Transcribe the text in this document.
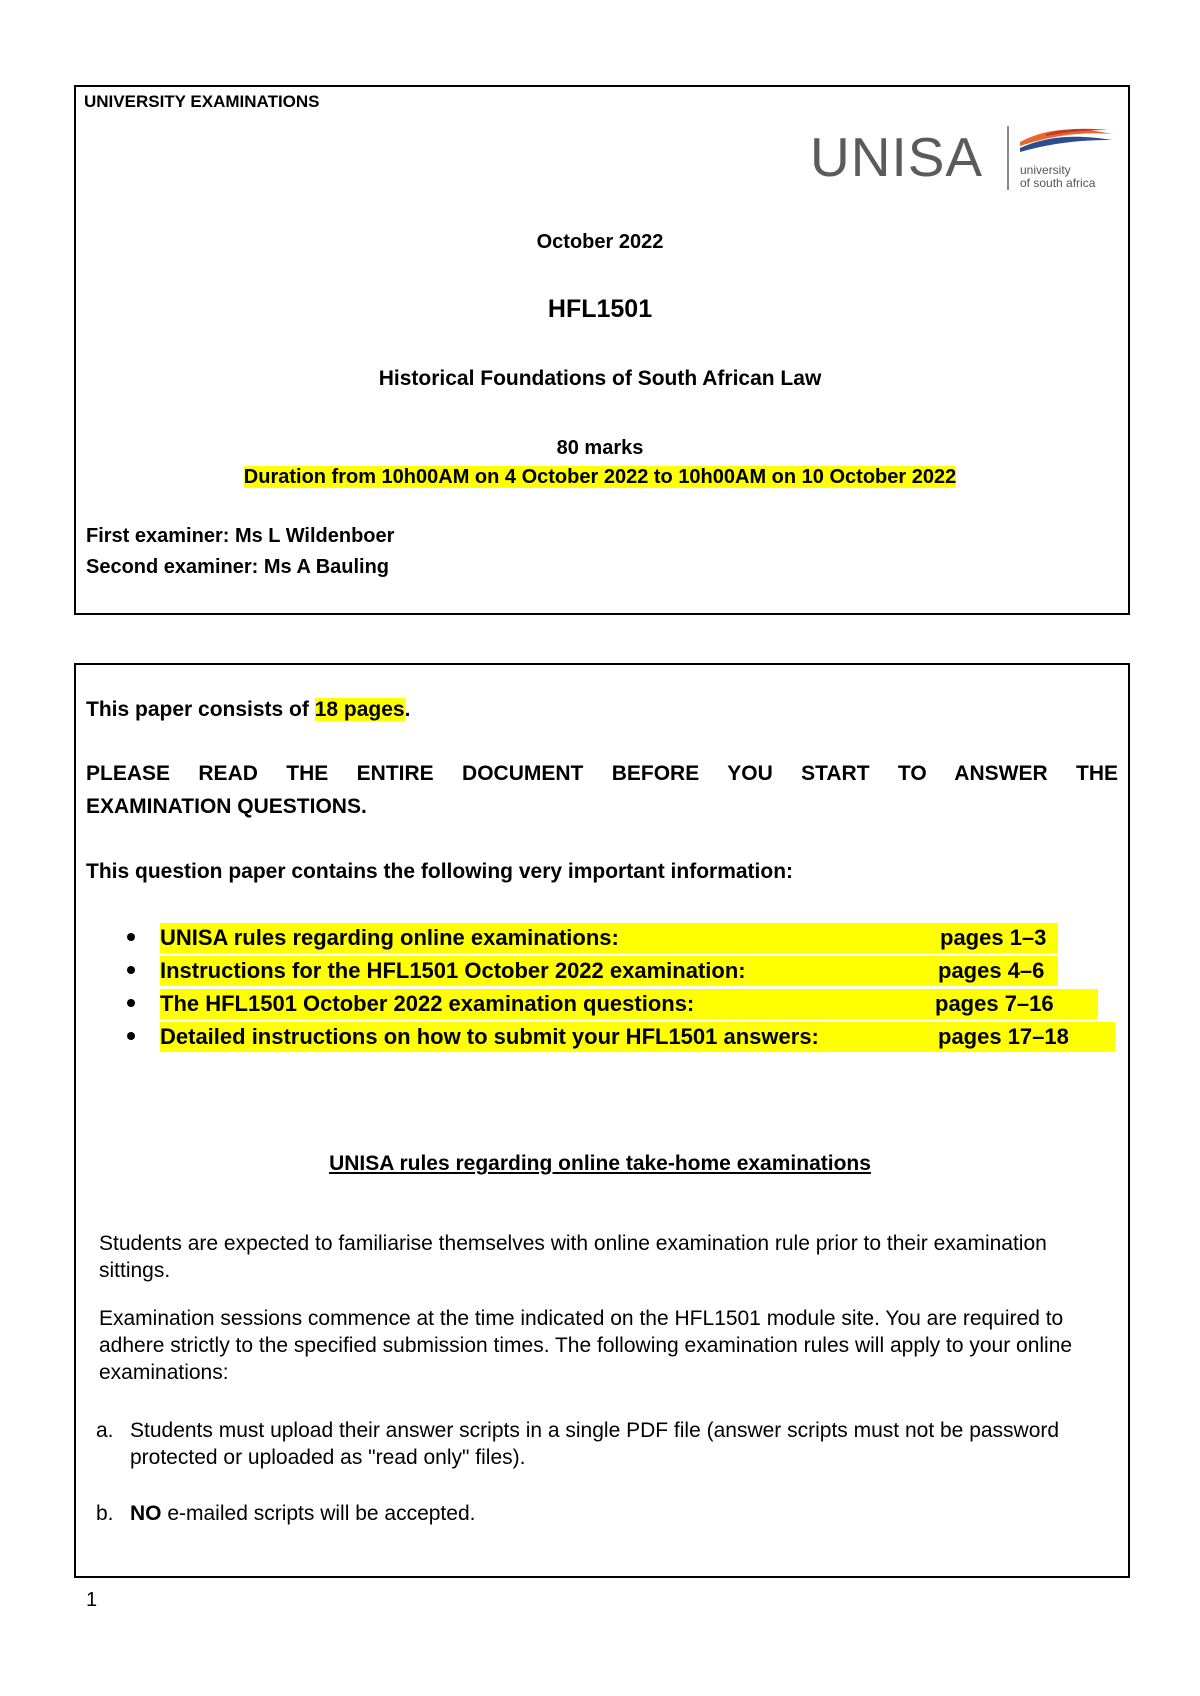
UNIVERSITY EXAMINATIONS
UNISA	university
of south africa
October 2022
HFL1501
Historical Foundations of South African Law
80 marks
Duration from 10h00AM on 4 October 2022 to 10h00AM on 10 October 2022
First examiner: Ms L Wildenboer
Second examiner: Ms A Bauling
This paper consists of 18 pages.
PLEASE READ THE ENTIRE DOCUMENT BEFORE YOU START TO ANSWER THE
EXAMINATION QUESTIONS.
This question paper contains the following very important information:
UNISA rules regarding online examinations:	pages 1–3
Instructions for the HFL1501 October 2022 examination:	pages 4–6
The HFL1501 October 2022 examination questions:	pages 7–16
Detailed instructions on how to submit your HFL1501 answers:	pages 17–18
UNISA rules regarding online take-home examinations
Students are expected to familiarise themselves with online examination rule prior to their examination sittings.
Examination sessions commence at the time indicated on the HFL1501 module site. You are required to adhere strictly to the specified submission times. The following examination rules will apply to your online examinations:
a. Students must upload their answer scripts in a single PDF file (answer scripts must not be password protected or uploaded as "read only" files).
b. NO e-mailed scripts will be accepted.
1
